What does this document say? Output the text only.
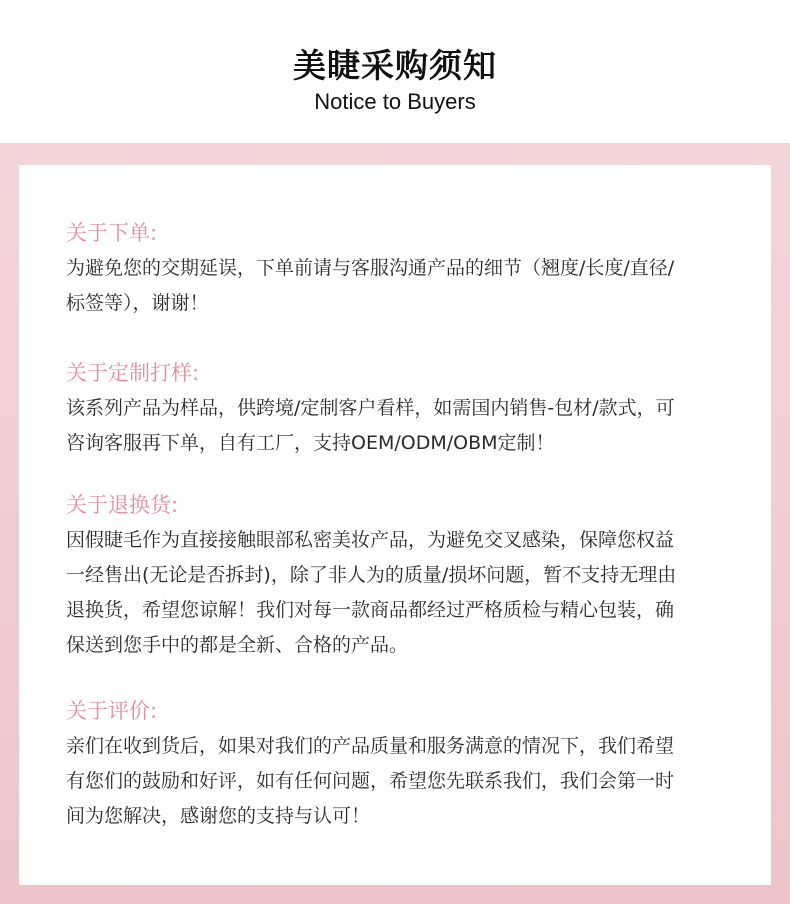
美睫采购须知
Notice to Buyers
关于下单:
为避免您的交期延误，下单前请与客服沟通产品的细节（翘度/长度/直径/
标签等），谢谢！
关于定制打样:
该系列产品为样品，供跨境/定制客户看样，如需国内销售-包材/款式，可
咨询客服再下单，自有工厂，支持OEM/ODM/OBM定制！
关于退换货:
因假睫毛作为直接接触眼部私密美妆产品，为避免交叉感染，保障您权益
一经售出(无论是否拆封)，除了非人为的质量/损坏问题，暂不支持无理由
退换货，希望您谅解！我们对每一款商品都经过严格质检与精心包装，确
保送到您手中的都是全新、合格的产品。
关于评价:
亲们在收到货后，如果对我们的产品质量和服务满意的情况下，我们希望
有您们的鼓励和好评，如有任何问题，希望您先联系我们，我们会第一时
间为您解决，感谢您的支持与认可！
